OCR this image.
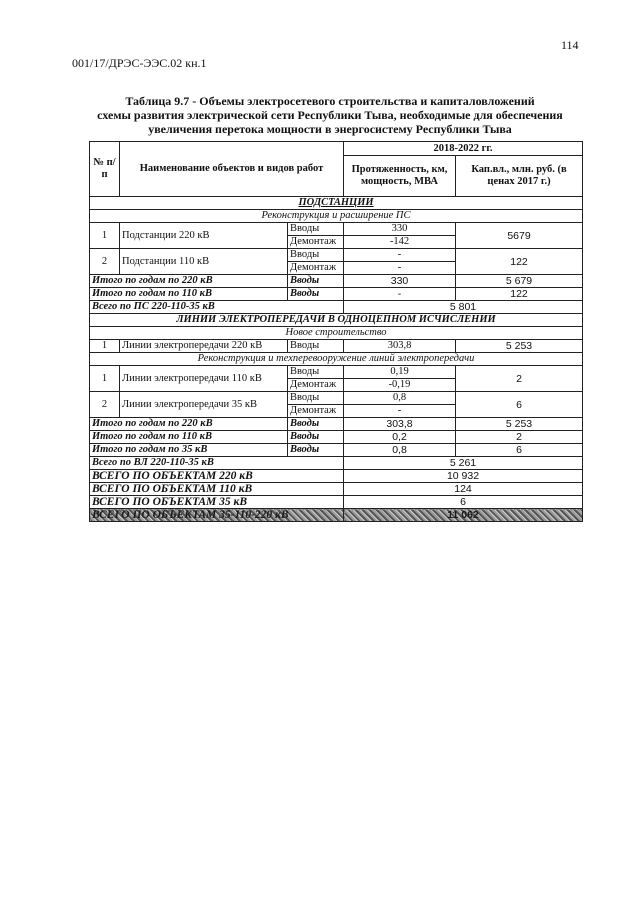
114
001/17/ДРЭС-ЭЭС.02 кн.1
Таблица 9.7 - Объемы электросетевого строительства и капиталовложений
схемы развития электрической сети Республики Тыва, необходимые для обеспечения
увеличения перетока мощности в энергосистему Республики Тыва
№ п/п	Наименование объектов и видов работ		2018-2022 гг.	
			Протяженность, км, мощность, МВА	Кап.вл., млн. руб. (в ценах 2017 г.)
ПОДСТАНЦИИ				
Реконструкция и расширение ПС				
1	Подстанции 220 кВ	Вводы	330	5679
		Демонтаж	-142	
2	Подстанции 110 кВ	Вводы	-	122
		Демонтаж	-	
Итого по годам по 220 кВ		Вводы	330	5 679
Итого по годам по 110 кВ		Вводы	-	122
Всего по ПС 220-110-35 кВ			5 801	
ЛИНИИ ЭЛЕКТРОПЕРЕДАЧИ В ОДНОЦЕПНОМ ИСЧИСЛЕНИИ				
Новое строительство				
1	Линии электропередачи 220 кВ	Вводы	303,8	5 253
Реконструкция и техперевооружение линий электропередачи				
1	Линии электропередачи 110 кВ	Вводы	0,19	2
		Демонтаж	-0,19	
2	Линии электропередачи 35 кВ	Вводы	0,8	6
		Демонтаж	-	
Итого по годам по 220 кВ		Вводы	303,8	5 253
Итого по годам по 110 кВ		Вводы	0,2	2
Итого по годам по 35 кВ		Вводы	0,8	6
Всего по ВЛ 220-110-35 кВ			5 261	
ВСЕГО ПО ОБЪЕКТАМ 220 кВ			10 932	
ВСЕГО ПО ОБЪЕКТАМ 110 кВ			124	
ВСЕГО ПО ОБЪЕКТАМ 35 кВ			6	
ВСЕГО ПО ОБЪЕКТАМ 35-110-220 кВ			11 062	
